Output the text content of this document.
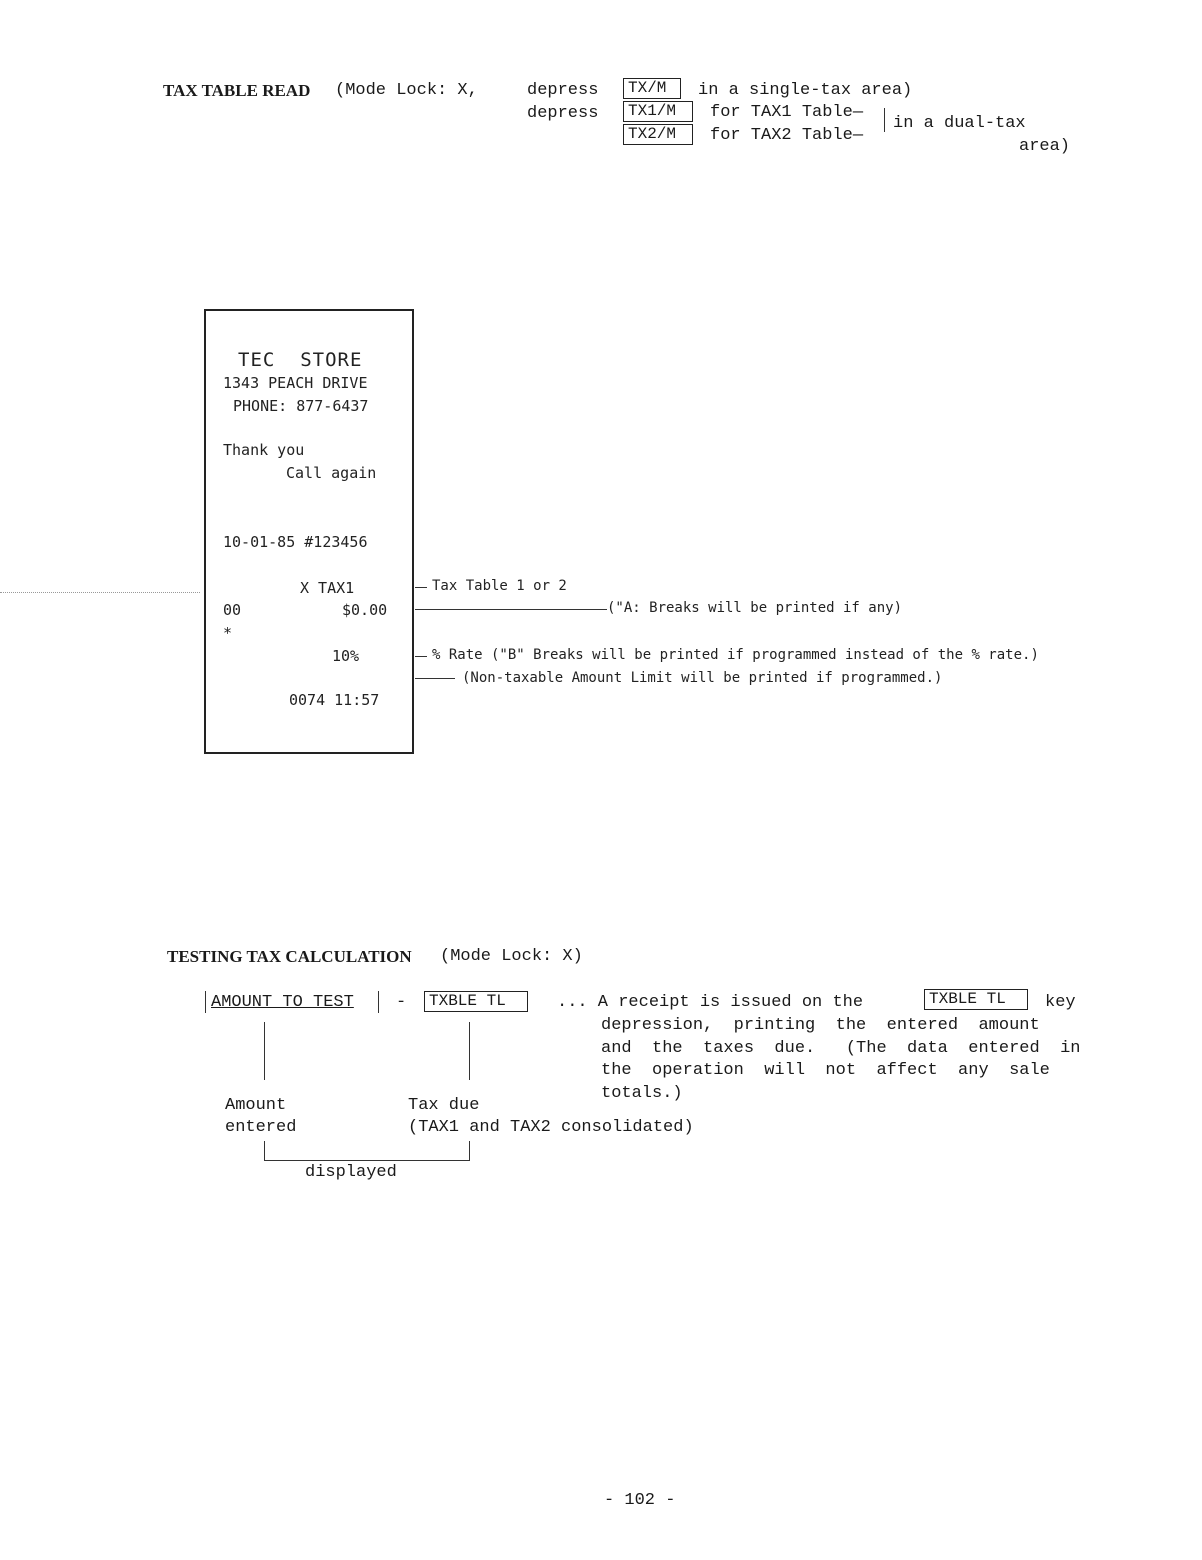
TAX TABLE READ (Mode Lock: X,	depress	TX/M	in a single-tax area)
depress	TX1/M	for TAX1 Table—
TX2/M	for TAX2 Table—
in a dual-tax
area)
TEC  STORE
1343 PEACH DRIVE
PHONE: 877-6437
Thank you
Call again
10-01-85 #123456
X TAX1
00	$0.00
*
10%
0074 11:57
Tax Table 1 or 2
("A: Breaks will be printed if any)
% Rate ("B" Breaks will be printed if programmed instead of the % rate.)
(Non-taxable Amount Limit will be printed if programmed.)
TESTING TAX CALCULATION (Mode Lock: X)
AMOUNT TO TEST -	TXBLE TL	... A receipt is issued on the	TXBLE TL	key
depression,  printing  the  entered  amount
and  the  taxes  due.   (The  data  entered  in
the  operation  will  not  affect  any  sale
totals.)
Amount
entered
Tax due
(TAX1 and TAX2 consolidated)
displayed
- 102 -
